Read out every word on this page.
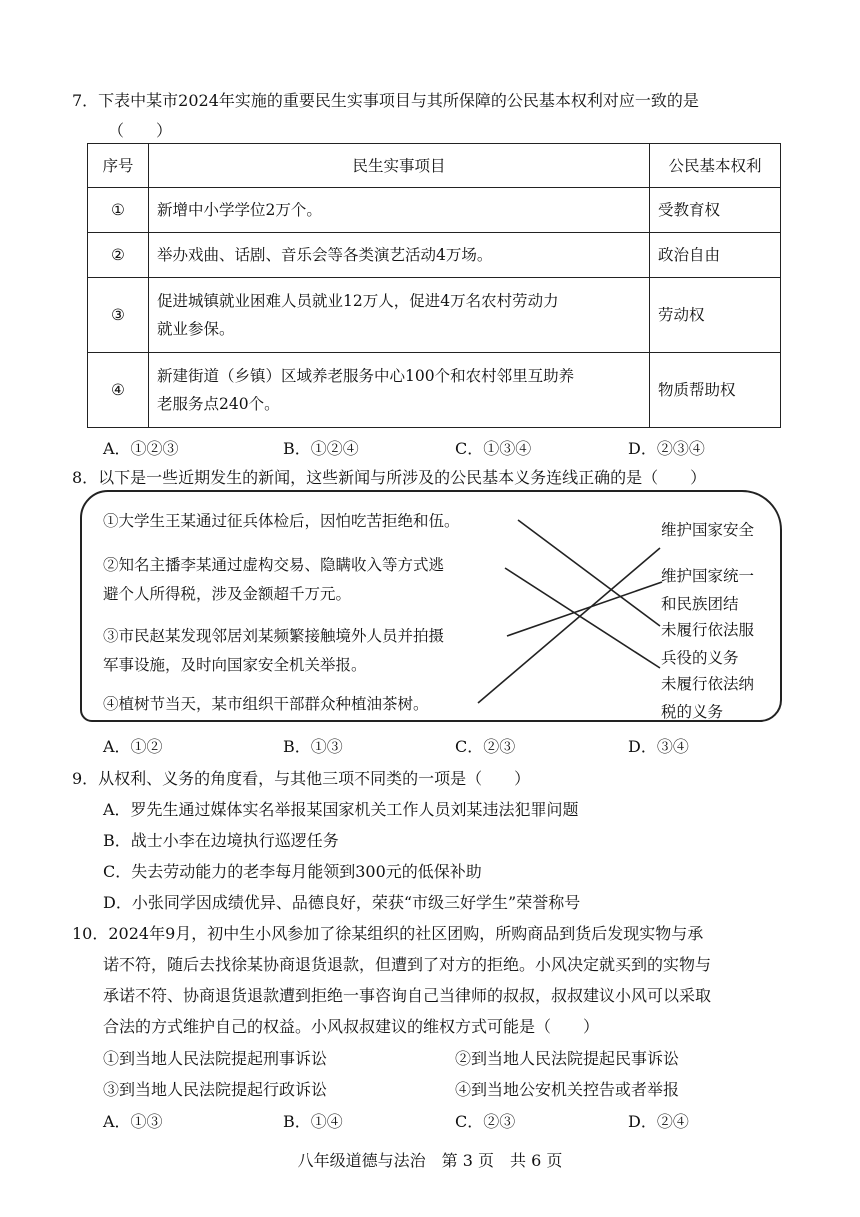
7．下表中某市2024年实施的重要民生实事项目与其所保障的公民基本权利对应一致的是
（　　）
序号	民生实事项目	公民基本权利
①	新增中小学学位2万个。	受教育权
②	举办戏曲、话剧、音乐会等各类演艺活动4万场。	政治自由
③	促进城镇就业困难人员就业12万人，促进4万名农村劳动力
就业参保。	劳动权
④	新建街道（乡镇）区域养老服务中心100个和农村邻里互助养
老服务点240个。	物质帮助权
A．①②③	B．①②④	C．①③④	D．②③④
8．以下是一些近期发生的新闻，这些新闻与所涉及的公民基本义务连线正确的是（　　）
①大学生王某通过征兵体检后，因怕吃苦拒绝和伍。
②知名主播李某通过虚构交易、隐瞒收入等方式逃
避个人所得税，涉及金额超千万元。
③市民赵某发现邻居刘某频繁接触境外人员并拍摄
军事设施，及时向国家安全机关举报。
④植树节当天，某市组织干部群众种植油茶树。
维护国家安全
维护国家统一
和民族团结
未履行依法服
兵役的义务
未履行依法纳
税的义务
A．①②	B．①③	C．②③	D．③④
9．从权利、义务的角度看，与其他三项不同类的一项是（　　）
A．罗先生通过媒体实名举报某国家机关工作人员刘某违法犯罪问题
B．战士小李在边境执行巡逻任务
C．失去劳动能力的老李每月能领到300元的低保补助
D．小张同学因成绩优异、品德良好，荣获“市级三好学生”荣誉称号
10．2024年9月，初中生小风参加了徐某组织的社区团购，所购商品到货后发现实物与承
诺不符，随后去找徐某协商退货退款，但遭到了对方的拒绝。小风决定就买到的实物与
承诺不符、协商退货退款遭到拒绝一事咨询自己当律师的叔叔，叔叔建议小风可以采取
合法的方式维护自己的权益。小风叔叔建议的维权方式可能是（　　）
①到当地人民法院提起刑事诉讼	②到当地人民法院提起民事诉讼
③到当地人民法院提起行政诉讼	④到当地公安机关控告或者举报
A．①③	B．①④	C．②③	D．②④
八年级道德与法治　第 3 页　共 6 页
